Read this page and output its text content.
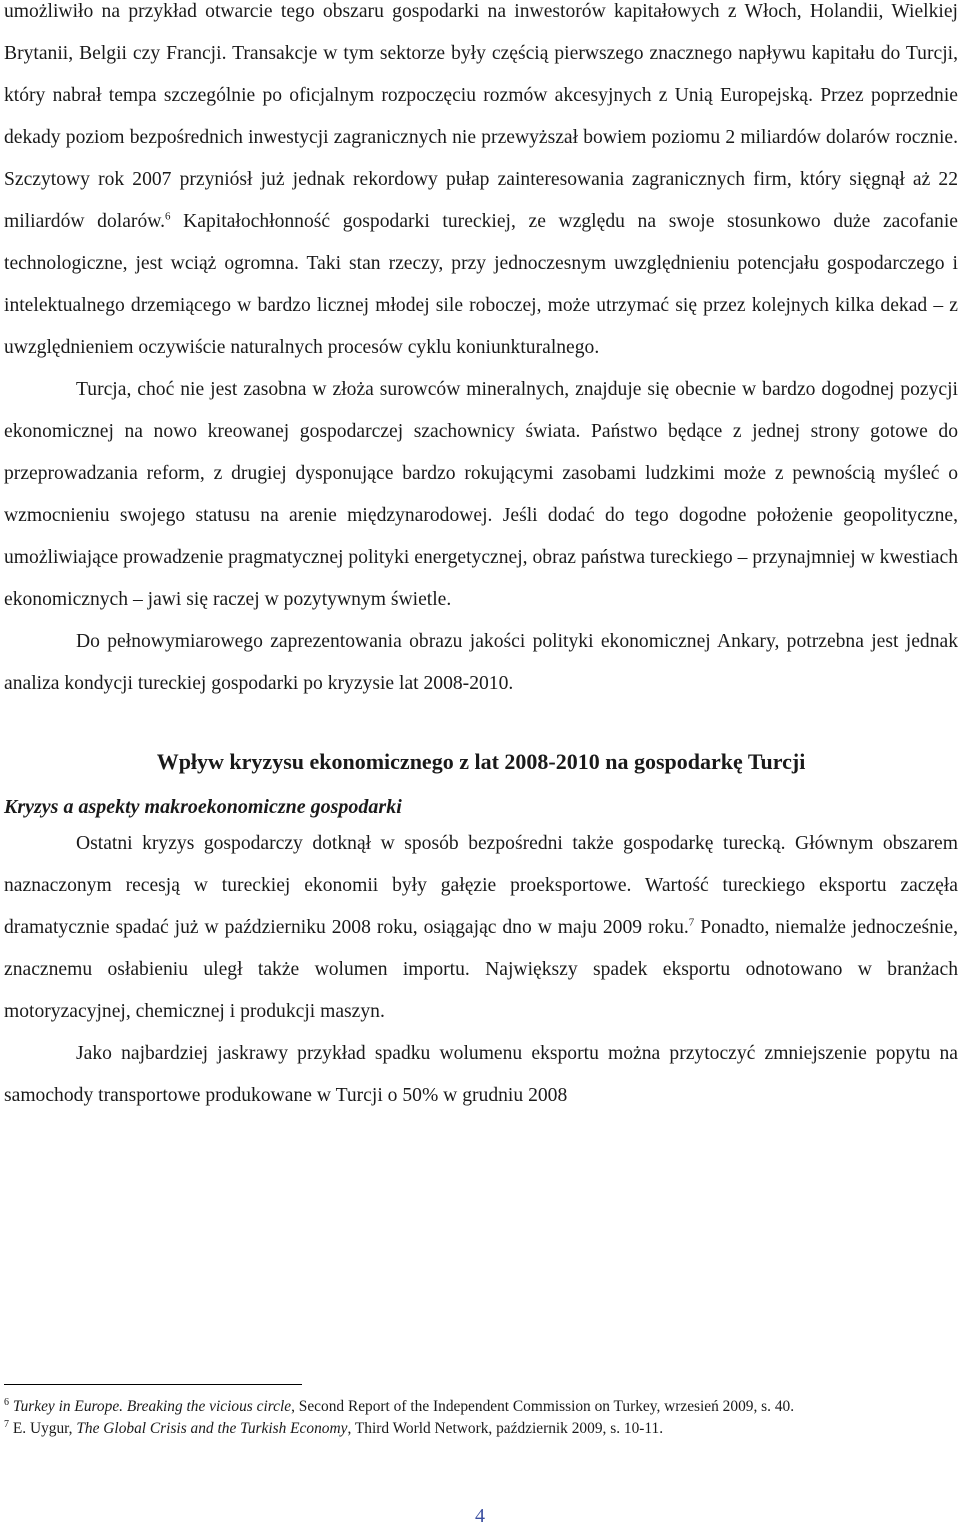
umożliwiło na przykład otwarcie tego obszaru gospodarki na inwestorów kapitałowych z Włoch, Holandii, Wielkiej Brytanii, Belgii czy Francji. Transakcje w tym sektorze były częścią pierwszego znacznego napływu kapitału do Turcji, który nabrał tempa szczególnie po oficjalnym rozpoczęciu rozmów akcesyjnych z Unią Europejską. Przez poprzednie dekady poziom bezpośrednich inwestycji zagranicznych nie przewyższał bowiem poziomu 2 miliardów dolarów rocznie. Szczytowy rok 2007 przyniósł już jednak rekordowy pułap zainteresowania zagranicznych firm, który sięgnął aż 22 miliardów dolarów.$^6$ Kapitałochłonność gospodarki tureckiej, ze względu na swoje stosunkowo duże zacofanie technologiczne, jest wciąż ogromna. Taki stan rzeczy, przy jednoczesnym uwzględnieniu potencjału gospodarczego i intelektualnego drzemiącego w bardzo licznej młodej sile roboczej, może utrzymać się przez kolejnych kilka dekad – z uwzględnieniem oczywiście naturalnych procesów cyklu koniunkturalnego.

Turcja, choć nie jest zasobna w złoża surowców mineralnych, znajduje się obecnie w bardzo dogodnej pozycji ekonomicznej na nowo kreowanej gospodarczej szachownicy świata. Państwo będące z jednej strony gotowe do przeprowadzania reform, z drugiej dysponujące bardzo rokującymi zasobami ludzkimi może z pewnością myśleć o wzmocnieniu swojego statusu na arenie międzynarodowej. Jeśli dodać do tego dogodne położenie geopolityczne, umożliwiające prowadzenie pragmatycznej polityki energetycznej, obraz państwa tureckiego – przynajmniej w kwestiach ekonomicznych – jawi się raczej w pozytywnym świetle.

Do pełnowymiarowego zaprezentowania obrazu jakości polityki ekonomicznej Ankary, potrzebna jest jednak analiza kondycji tureckiej gospodarki po kryzysie lat 2008-2010.

Wpływ kryzysu ekonomicznego z lat 2008-2010 na gospodarkę Turcji
Kryzys a aspekty makroekonomiczne gospodarki

Ostatni kryzys gospodarczy dotknął w sposób bezpośredni także gospodarkę turecką. Głównym obszarem naznaczonym recesją w tureckiej ekonomii były gałęzie proeksportowe. Wartość tureckiego eksportu zaczęła dramatycznie spadać już w październiku 2008 roku, osiągając dno w maju 2009 roku.$^7$ Ponadto, niemalże jednocześnie, znacznemu osłabieniu uległ także wolumen importu. Największy spadek eksportu odnotowano w branżach motoryzacyjnej, chemicznej i produkcji maszyn.

Jako najbardziej jaskrawy przykład spadku wolumenu eksportu można przytoczyć zmniejszenie popytu na samochody transportowe produkowane w Turcji o 50% w grudniu 2008

$^6$ Turkey in Europe. Breaking the vicious circle, Second Report of the Independent Commission on Turkey, wrzesień 2009, s. 40.

$^7$ E. Uygur, The Global Crisis and the Turkish Economy, Third World Network, październik 2009, s. 10-11.

4
